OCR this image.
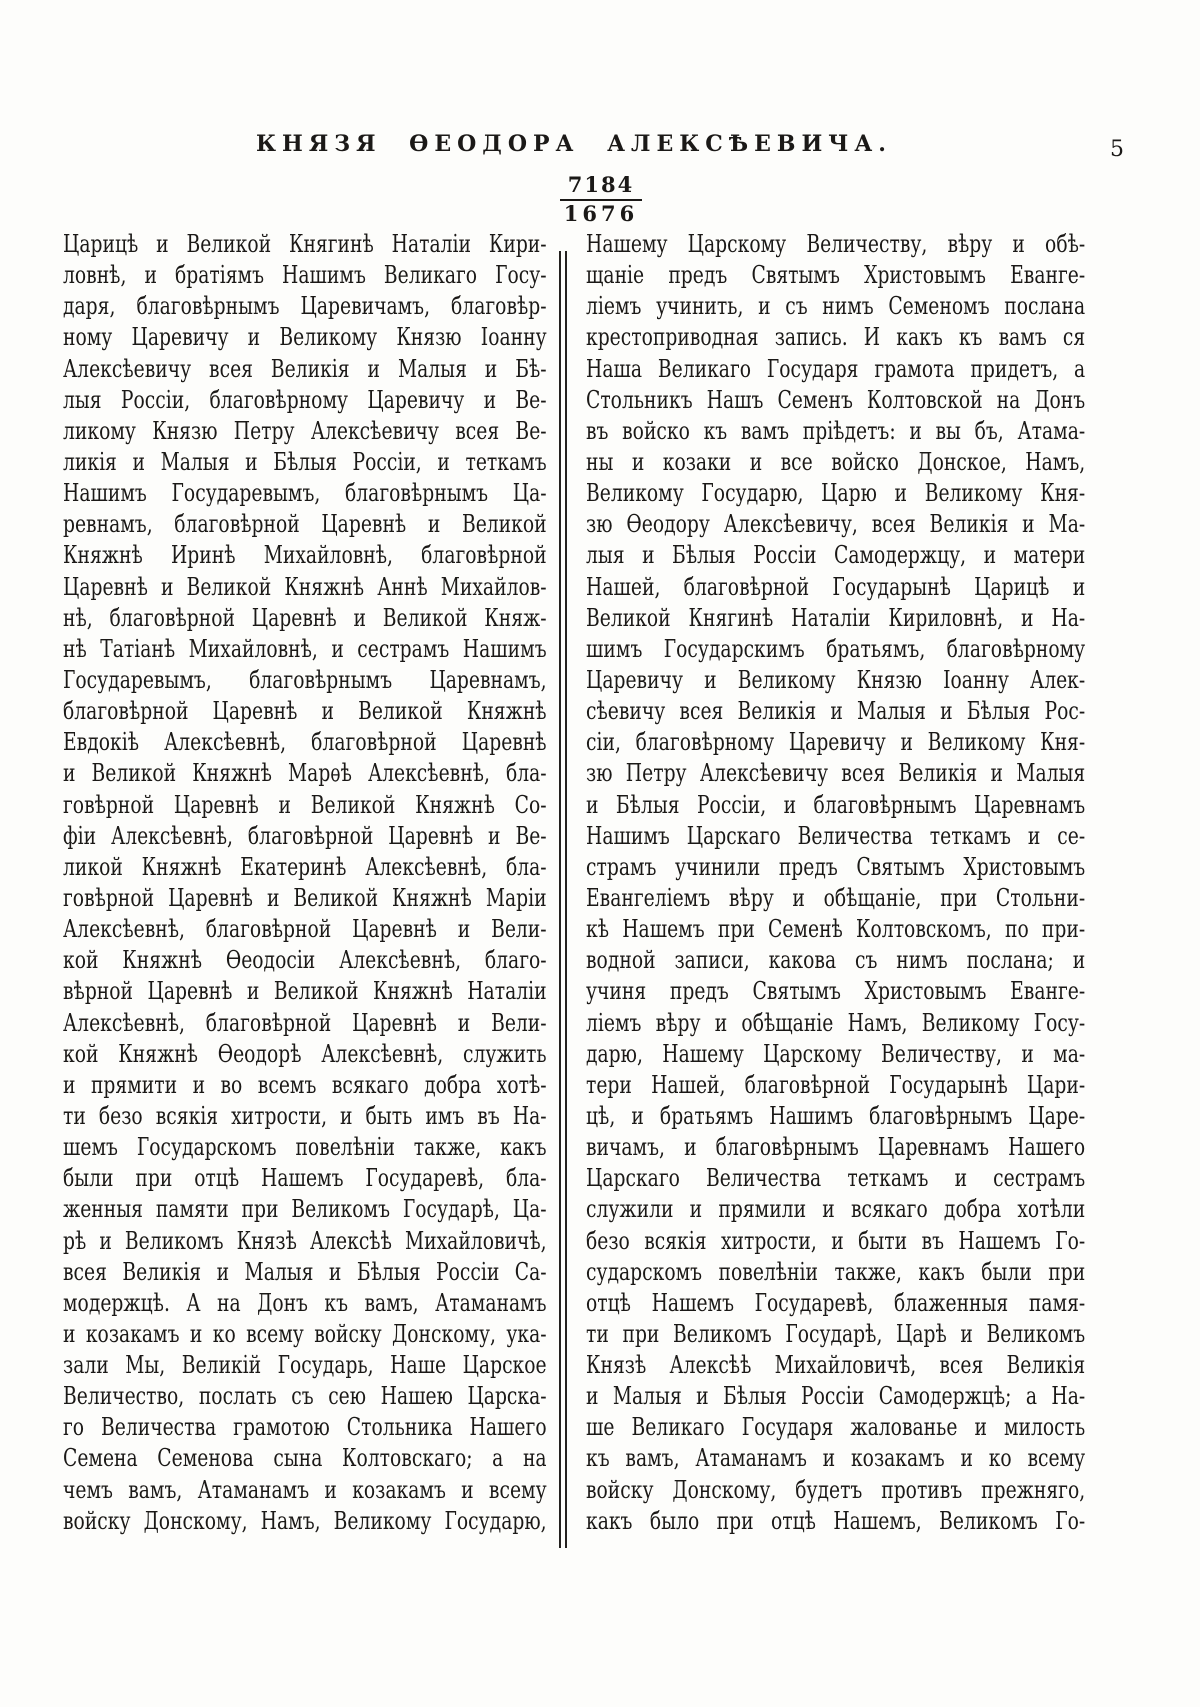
КНЯЗЯ ѲЕОДОРА АЛЕКСѢЕВИЧА.	5
$\frac{7184}{1676}$
Царицѣ и Великой Княгинѣ Наталіи Кири-
ловнѣ, и братіямъ Нашимъ Великаго Госу-
даря, благовѣрнымъ Царевичамъ, благовѣр-
ному Царевичу и Великому Князю Іоанну
Алексѣевичу всея Великія и Малыя и Бѣ-
лыя Россіи, благовѣрному Царевичу и Ве-
ликому Князю Петру Алексѣевичу всея Ве-
ликія и Малыя и Бѣлыя Россіи, и теткамъ
Нашимъ Государевымъ, благовѣрнымъ Ца-
ревнамъ, благовѣрной Царевнѣ и Великой
Княжнѣ Иринѣ Михайловнѣ, благовѣрной
Царевнѣ и Великой Княжнѣ Аннѣ Михайлов-
нѣ, благовѣрной Царевнѣ и Великой Княж-
нѣ Татіанѣ Михайловнѣ, и сестрамъ Нашимъ
Государевымъ, благовѣрнымъ Царевнамъ,
благовѣрной Царевнѣ и Великой Княжнѣ
Евдокіѣ Алексѣевнѣ, благовѣрной Царевнѣ
и Великой Княжнѣ Марѳѣ Алексѣевнѣ, бла-
говѣрной Царевнѣ и Великой Княжнѣ Со-
фіи Алексѣевнѣ, благовѣрной Царевнѣ и Ве-
ликой Княжнѣ Екатеринѣ Алексѣевнѣ, бла-
говѣрной Царевнѣ и Великой Княжнѣ Маріи
Алексѣевнѣ, благовѣрной Царевнѣ и Вели-
кой Княжнѣ Ѳеодосіи Алексѣевнѣ, благо-
вѣрной Царевнѣ и Великой Княжнѣ Наталіи
Алексѣевнѣ, благовѣрной Царевнѣ и Вели-
кой Княжнѣ Ѳеодорѣ Алексѣевнѣ, служить
и прямити и во всемъ всякаго добра хотѣ-
ти безо всякія хитрости, и быть имъ въ На-
шемъ Государскомъ повелѣніи также, какъ
были при отцѣ Нашемъ Государевѣ, бла-
женныя памяти при Великомъ Государѣ, Ца-
рѣ и Великомъ Князѣ Алексѣѣ Михайловичѣ,
всея Великія и Малыя и Бѣлыя Россіи Са-
модержцѣ. А на Донъ къ вамъ, Атаманамъ
и козакамъ и ко всему войску Донскому, ука-
зали Мы, Великій Государь, Наше Царское
Величество, послать съ сею Нашею Царска-
го Величества грамотою Стольника Нашего
Семена Семенова сына Колтовскаго; а на
чемъ вамъ, Атаманамъ и козакамъ и всему
войску Донскому, Намъ, Великому Государю,
Нашему Царскому Величеству, вѣру и обѣ-
щаніе предъ Святымъ Христовымъ Еванге-
ліемъ учинить, и съ нимъ Семеномъ послана
крестоприводная запись. И какъ къ вамъ ся
Наша Великаго Государя грамота придетъ, а
Стольникъ Нашъ Семенъ Колтовской на Донъ
въ войско къ вамъ пріѣдетъ: и вы бъ, Атама-
ны и козаки и все войско Донское, Намъ,
Великому Государю, Царю и Великому Кня-
зю Ѳеодору Алексѣевичу, всея Великія и Ма-
лыя и Бѣлыя Россіи Самодержцу, и матери
Нашей, благовѣрной Государынѣ Царицѣ и
Великой Княгинѣ Наталіи Кириловнѣ, и На-
шимъ Государскимъ братьямъ, благовѣрному
Царевичу и Великому Князю Іоанну Алек-
сѣевичу всея Великія и Малыя и Бѣлыя Рос-
сіи, благовѣрному Царевичу и Великому Кня-
зю Петру Алексѣевичу всея Великія и Малыя
и Бѣлыя Россіи, и благовѣрнымъ Царевнамъ
Нашимъ Царскаго Величества теткамъ и се-
страмъ учинили предъ Святымъ Христовымъ
Евангеліемъ вѣру и обѣщаніе, при Стольни-
кѣ Нашемъ при Семенѣ Колтовскомъ, по при-
водной записи, какова съ нимъ послана; и
учиня предъ Святымъ Христовымъ Еванге-
ліемъ вѣру и обѣщаніе Намъ, Великому Госу-
дарю, Нашему Царскому Величеству, и ма-
тери Нашей, благовѣрной Государынѣ Цари-
цѣ, и братьямъ Нашимъ благовѣрнымъ Царе-
вичамъ, и благовѣрнымъ Царевнамъ Нашего
Царскаго Величества теткамъ и сестрамъ
служили и прямили и всякаго добра хотѣли
безо всякія хитрости, и быти въ Нашемъ Го-
сударскомъ повелѣніи также, какъ были при
отцѣ Нашемъ Государевѣ, блаженныя памя-
ти при Великомъ Государѣ, Царѣ и Великомъ
Князѣ Алексѣѣ Михайловичѣ, всея Великія
и Малыя и Бѣлыя Россіи Самодержцѣ; а На-
ше Великаго Государя жалованье и милость
къ вамъ, Атаманамъ и козакамъ и ко всему
войску Донскому, будетъ противъ прежняго,
какъ было при отцѣ Нашемъ, Великомъ Го-
